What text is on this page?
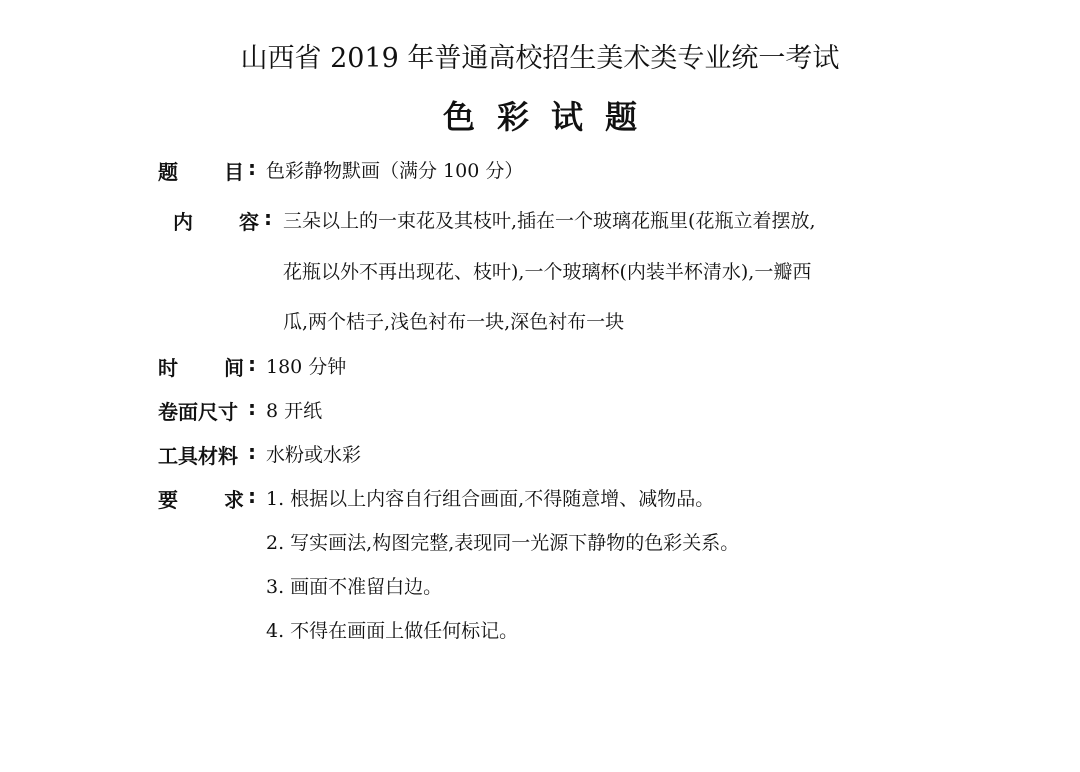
山西省 2019 年普通高校招生美术类专业统一考试
色彩试题
题 目 : 色彩静物默画（满分 100 分）
内 容 : 三朵以上的一束花及其枝叶,插在一个玻璃花瓶里(花瓶立着摆放,
花瓶以外不再出现花、枝叶),一个玻璃杯(内装半杯清水),一瓣西
瓜,两个桔子,浅色衬布一块,深色衬布一块
时 间 : 180 分钟
卷面尺寸 : 8 开纸
工具材料 : 水粉或水彩
要 求 : 1. 根据以上内容自行组合画面,不得随意增、减物品。
2. 写实画法,构图完整,表现同一光源下静物的色彩关系。
3. 画面不准留白边。
4. 不得在画面上做任何标记。
